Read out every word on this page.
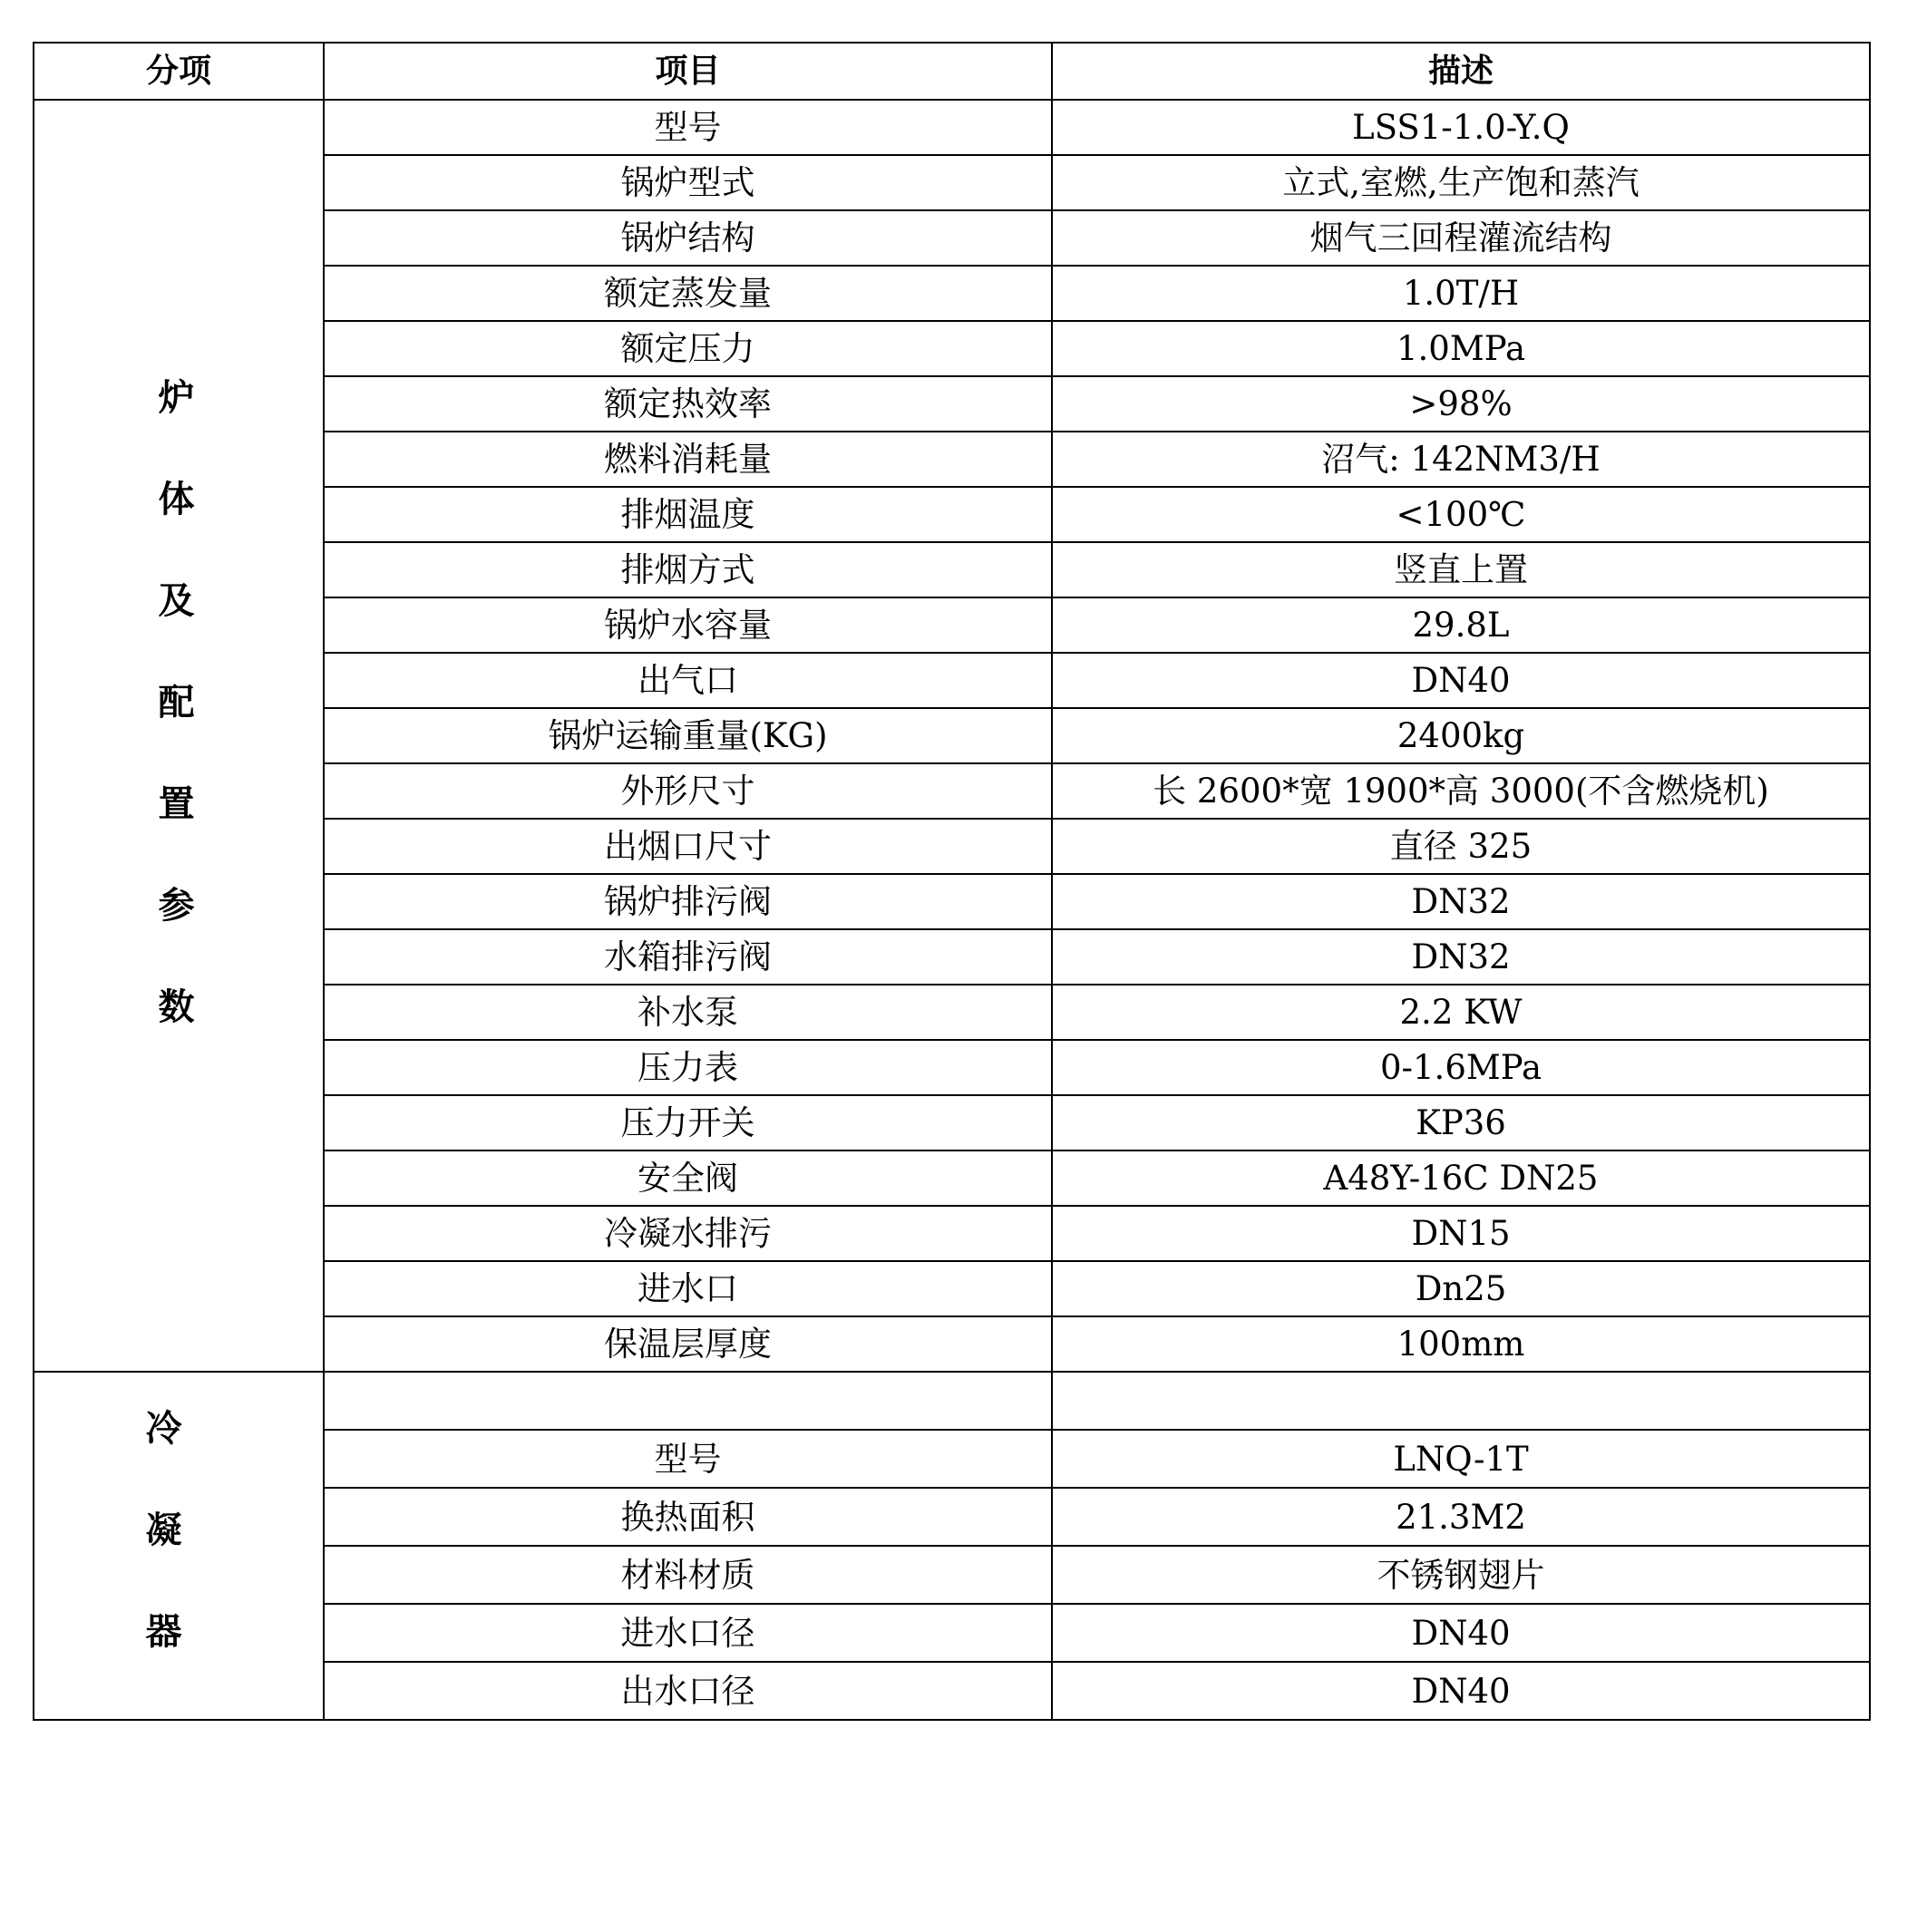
分项	项目	描述
炉体及配置参数	型号	LSS1-1.0-Y.Q
	锅炉型式	立式,室燃,生产饱和蒸汽
	锅炉结构	烟气三回程灌流结构
	额定蒸发量	1.0T/H
	额定压力	1.0MPa
	额定热效率	>98%
	燃料消耗量	沼气: 142NM3/H
	排烟温度	<100℃
	排烟方式	竖直上置
	锅炉水容量	29.8L
	出气口	DN40
	锅炉运输重量(KG)	2400kg
	外形尺寸	长 2600*宽 1900*高 3000(不含燃烧机)
	出烟口尺寸	直径 325
	锅炉排污阀	DN32
	水箱排污阀	DN32
	补水泵	2.2 KW
	压力表	0-1.6MPa
	压力开关	KP36
	安全阀	A48Y-16C DN25
	冷凝水排污	DN15
	进水口	Dn25
	保温层厚度	100mm
冷凝器		
	型号	LNQ-1T
	换热面积	21.3M2
	材料材质	不锈钢翅片
	进水口径	DN40
	出水口径	DN40
